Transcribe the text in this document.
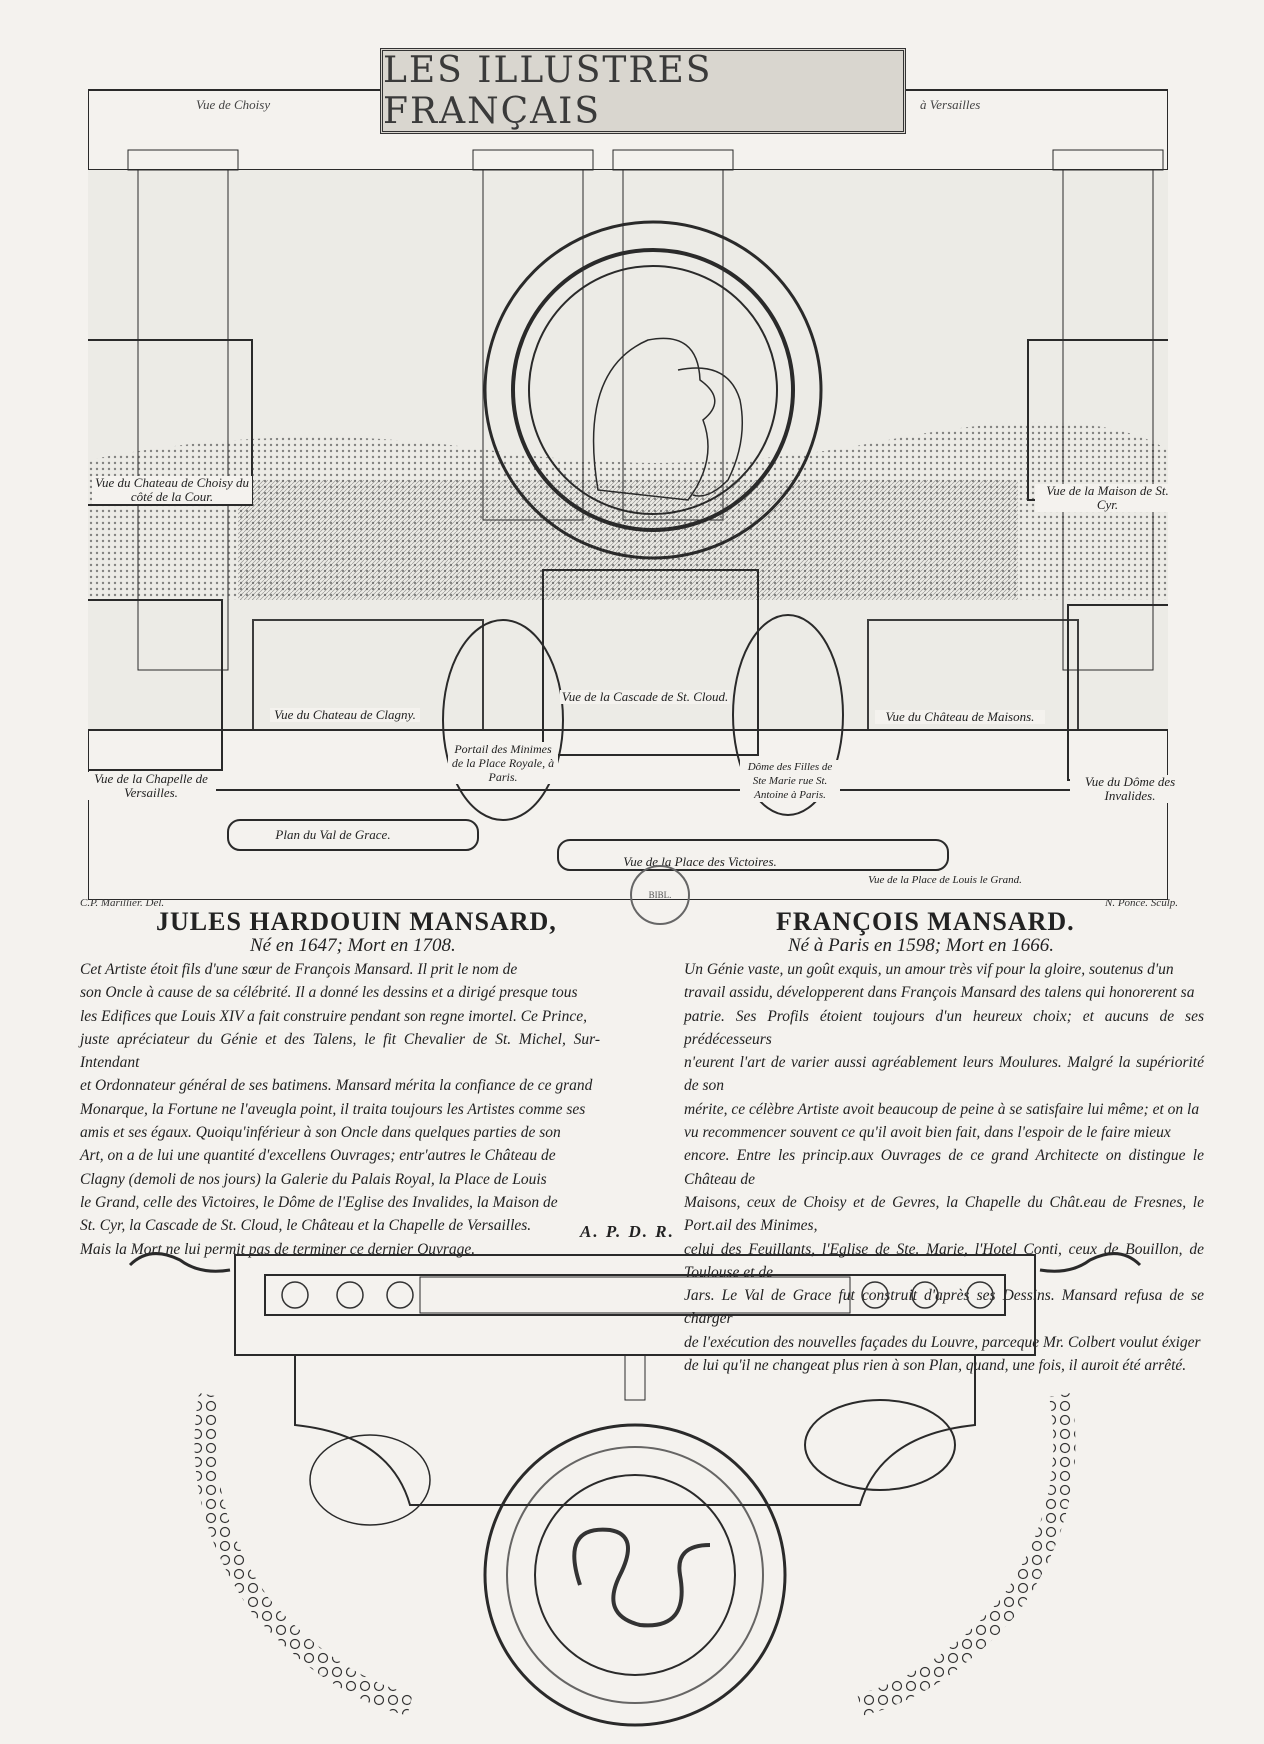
LES ILLUSTRES FRANÇAIS
Vue de Choisy	à Versailles
Vue du Chateau de Choisy du côté de la Cour.	Vue de la Maison de St. Cyr.
Vue de la Chapelle de Versailles.
Vue du Chateau de Clagny.
Portail des Minimes de la Place Royale, à Paris.
Vue de la Cascade de St. Cloud.
Dôme des Filles de Ste Marie rue St. Antoine à Paris.
Vue du Château de Maisons.
Vue du Dôme des Invalides.
Plan du Val de Grace.
Vue de la Place des Victoires.
Vue de la Place de Louis le Grand.
C.P. Marillier. Del.	N. Ponce. Sculp.
BIBL.
JULES HARDOUIN MANSARD,
Né en 1647; Mort en 1708.
Cet Artiste étoit fils d'une sœur de François Mansard. Il prit le nom de
son Oncle à cause de sa célébrité. Il a donné les dessins et a dirigé presque tous
les Edifices que Louis XIV a fait construire pendant son regne imortel. Ce Prince,
juste apréciateur du Génie et des Talens, le fit Chevalier de St. Michel, Sur-Intendant
et Ordonnateur général de ses batimens. Mansard mérita la confiance de ce grand
Monarque, la Fortune ne l'aveugla point, il traita toujours les Artistes comme ses
amis et ses égaux. Quoiqu'inférieur à son Oncle dans quelques parties de son
Art, on a de lui une quantité d'excellens Ouvrages; entr'autres le Château de
Clagny (demoli de nos jours) la Galerie du Palais Royal, la Place de Louis
le Grand, celle des Victoires, le Dôme de l'Eglise des Invalides, la Maison de
St. Cyr, la Cascade de St. Cloud, le Château et la Chapelle de Versailles.
Mais la Mort ne lui permit pas de terminer ce dernier Ouvrage.
FRANÇOIS MANSARD.
Né à Paris en 1598; Mort en 1666.
Un Génie vaste, un goût exquis, un amour très vif pour la gloire, soutenus d'un
travail assidu, développerent dans François Mansard des talens qui honorerent sa
patrie. Ses Profils étoient toujours d'un heureux choix; et aucuns de ses prédécesseurs
n'eurent l'art de varier aussi agréablement leurs Moulures. Malgré la supériorité de son
mérite, ce célèbre Artiste avoit beaucoup de peine à se satisfaire lui même; et on la
vu recommencer souvent ce qu'il avoit bien fait, dans l'espoir de le faire mieux
encore. Entre les princip.aux Ouvrages de ce grand Architecte on distingue le Château de
Maisons, ceux de Choisy et de Gevres, la Chapelle du Chât.eau de Fresnes, le Port.ail des Minimes,
celui des Feuillants, l'Eglise de Ste. Marie, l'Hotel Conti, ceux de Bouillon, de Toulouse et de
Jars. Le Val de Grace fut construit d'après ses Dessins. Mansard refusa de se charger
de l'exécution des nouvelles façades du Louvre, parceque Mr. Colbert voulut éxiger
de lui qu'il ne changeat plus rien à son Plan, quand, une fois, il auroit été arrêté.
A. P. D. R.
